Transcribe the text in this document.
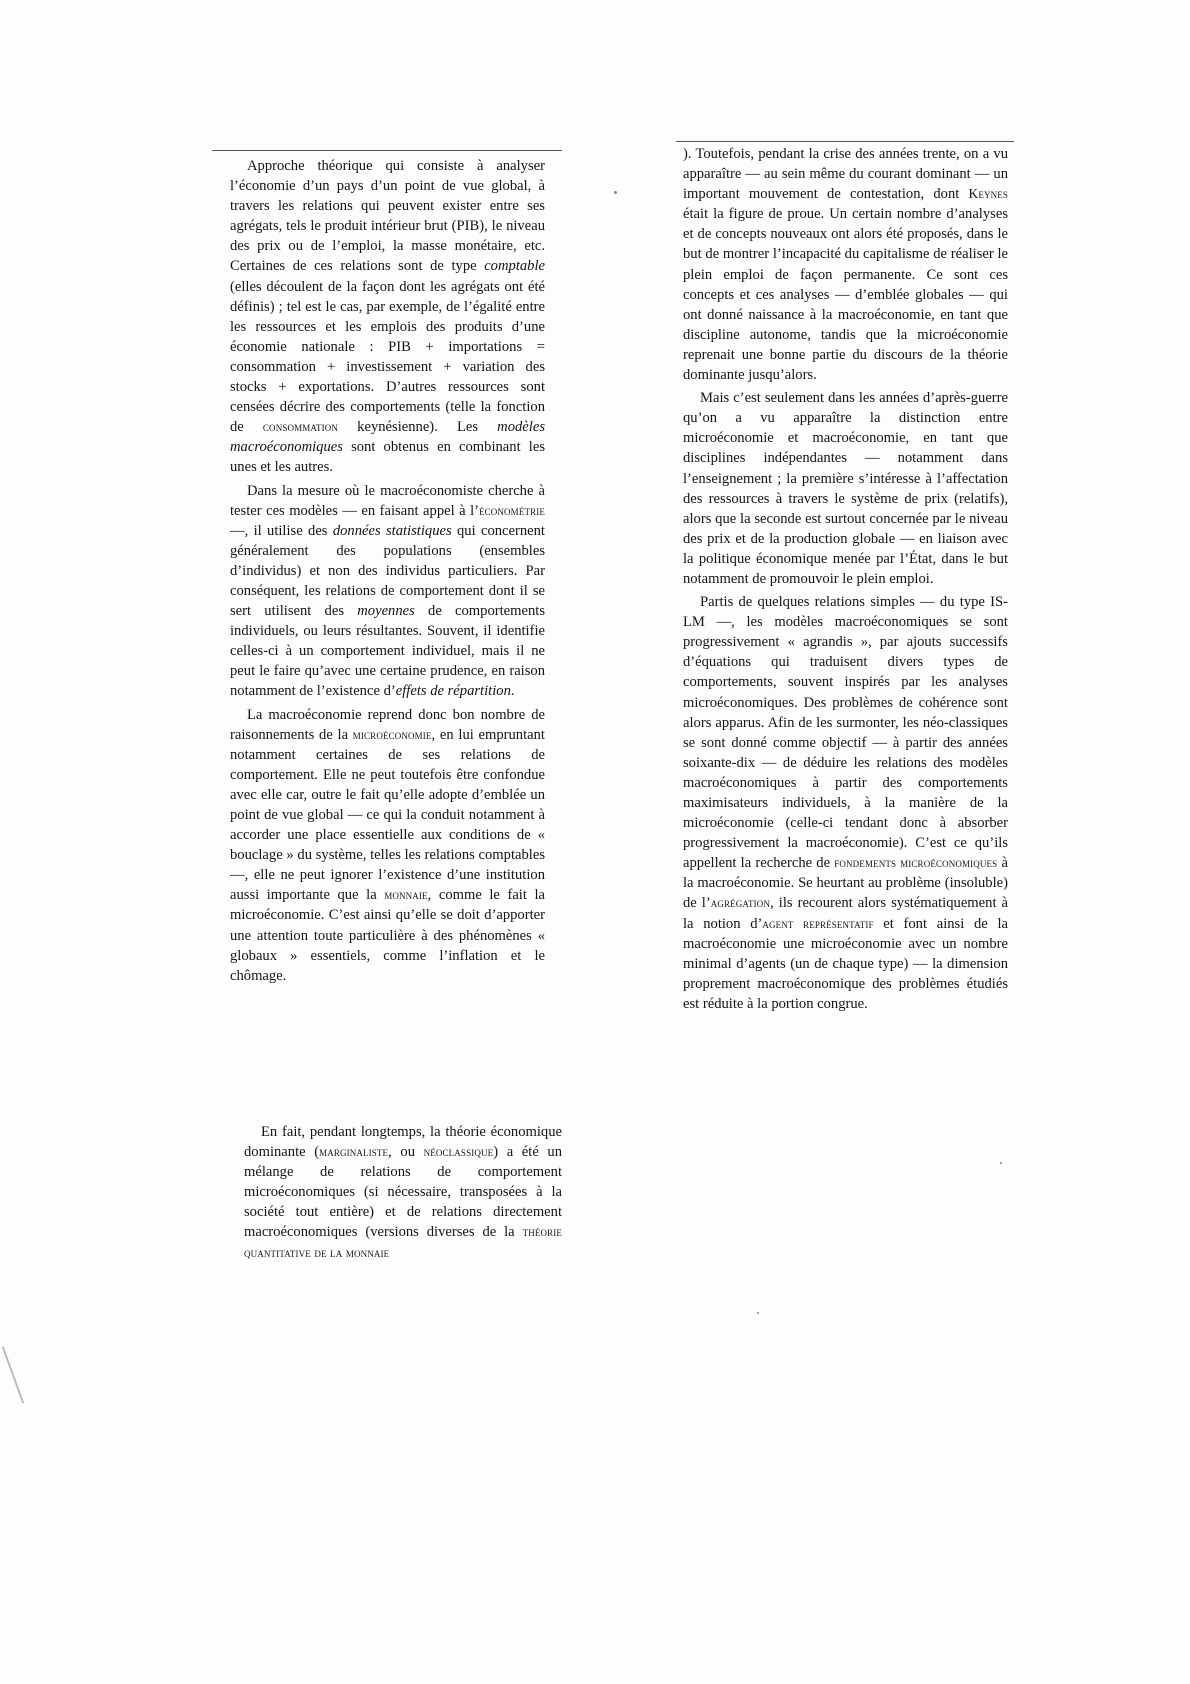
Approche théorique qui consiste à analyser l’économie d’un pays d’un point de vue global, à travers les relations qui peuvent exister entre ses agrégats, tels le produit intérieur brut (PIB), le niveau des prix ou de l’emploi, la masse monétaire, etc. Certaines de ces relations sont de type comptable (elles découlent de la façon dont les agrégats ont été définis) ; tel est le cas, par exemple, de l’égalité entre les ressources et les emplois des produits d’une économie nationale : PIB + importations = consommation + investissement + variation des stocks + exportations. D’autres ressources sont censées décrire des comportements (telle la fonction de consommation keynésienne). Les modèles macroéconomiques sont obtenus en combinant les unes et les autres.

Dans la mesure où le macroéconomiste cherche à tester ces modèles — en faisant appel à l’économétrie —, il utilise des données statistiques qui concernent généralement des populations (ensembles d’individus) et non des individus particuliers. Par conséquent, les relations de comportement dont il se sert utilisent des moyennes de comportements individuels, ou leurs résultantes. Souvent, il identifie celles-ci à un comportement individuel, mais il ne peut le faire qu’avec une certaine prudence, en raison notamment de l’existence d’effets de répartition.

La macroéconomie reprend donc bon nombre de raisonnements de la microéconomie, en lui empruntant notamment certaines de ses relations de comportement. Elle ne peut toutefois être confondue avec elle car, outre le fait qu’elle adopte d’emblée un point de vue global — ce qui la conduit notamment à accorder une place essentielle aux conditions de « bouclage » du système, telles les relations comptables —, elle ne peut ignorer l’existence d’une institution aussi importante que la monnaie, comme le fait la microéconomie. C’est ainsi qu’elle se doit d’apporter une attention toute particulière à des phénomènes « globaux » essentiels, comme l’inflation et le chômage.

En fait, pendant longtemps, la théorie économique dominante (marginaliste, ou néoclassique) a été un mélange de relations de comportement microéconomiques (si nécessaire, transposées à la société tout entière) et de relations directement macroéconomiques (versions diverses de la théorie quantitative de la monnaie

). Toutefois, pendant la crise des années trente, on a vu apparaître — au sein même du courant dominant — un important mouvement de contestation, dont Keynes était la figure de proue. Un certain nombre d’analyses et de concepts nouveaux ont alors été proposés, dans le but de montrer l’incapacité du capitalisme de réaliser le plein emploi de façon permanente. Ce sont ces concepts et ces analyses — d’emblée globales — qui ont donné naissance à la macroéconomie, en tant que discipline autonome, tandis que la microéconomie reprenait une bonne partie du discours de la théorie dominante jusqu’alors.

Mais c’est seulement dans les années d’après-guerre qu’on a vu apparaître la distinction entre microéconomie et macroéconomie, en tant que disciplines indépendantes — notamment dans l’enseignement ; la première s’intéresse à l’affectation des ressources à travers le système de prix (relatifs), alors que la seconde est surtout concernée par le niveau des prix et de la production globale — en liaison avec la politique économique menée par l’État, dans le but notamment de promouvoir le plein emploi.

Partis de quelques relations simples — du type IS-LM —, les modèles macroéconomiques se sont progressivement « agrandis », par ajouts successifs d’équations qui traduisent divers types de comportements, souvent inspirés par les analyses microéconomiques. Des problèmes de cohérence sont alors apparus. Afin de les surmonter, les néo-classiques se sont donné comme objectif — à partir des années soixante-dix — de déduire les relations des modèles macroéconomiques à partir des comportements maximisateurs individuels, à la manière de la microéconomie (celle-ci tendant donc à absorber progressivement la macroéconomie). C’est ce qu’ils appellent la recherche de fondements microéconomiques à la macroéconomie. Se heurtant au problème (insoluble) de l’agrégation, ils recourent alors systématiquement à la notion d’agent représentatif et font ainsi de la macroéconomie une microéconomie avec un nombre minimal d’agents (un de chaque type) — la dimension proprement macroéconomique des problèmes étudiés est réduite à la portion congrue.
